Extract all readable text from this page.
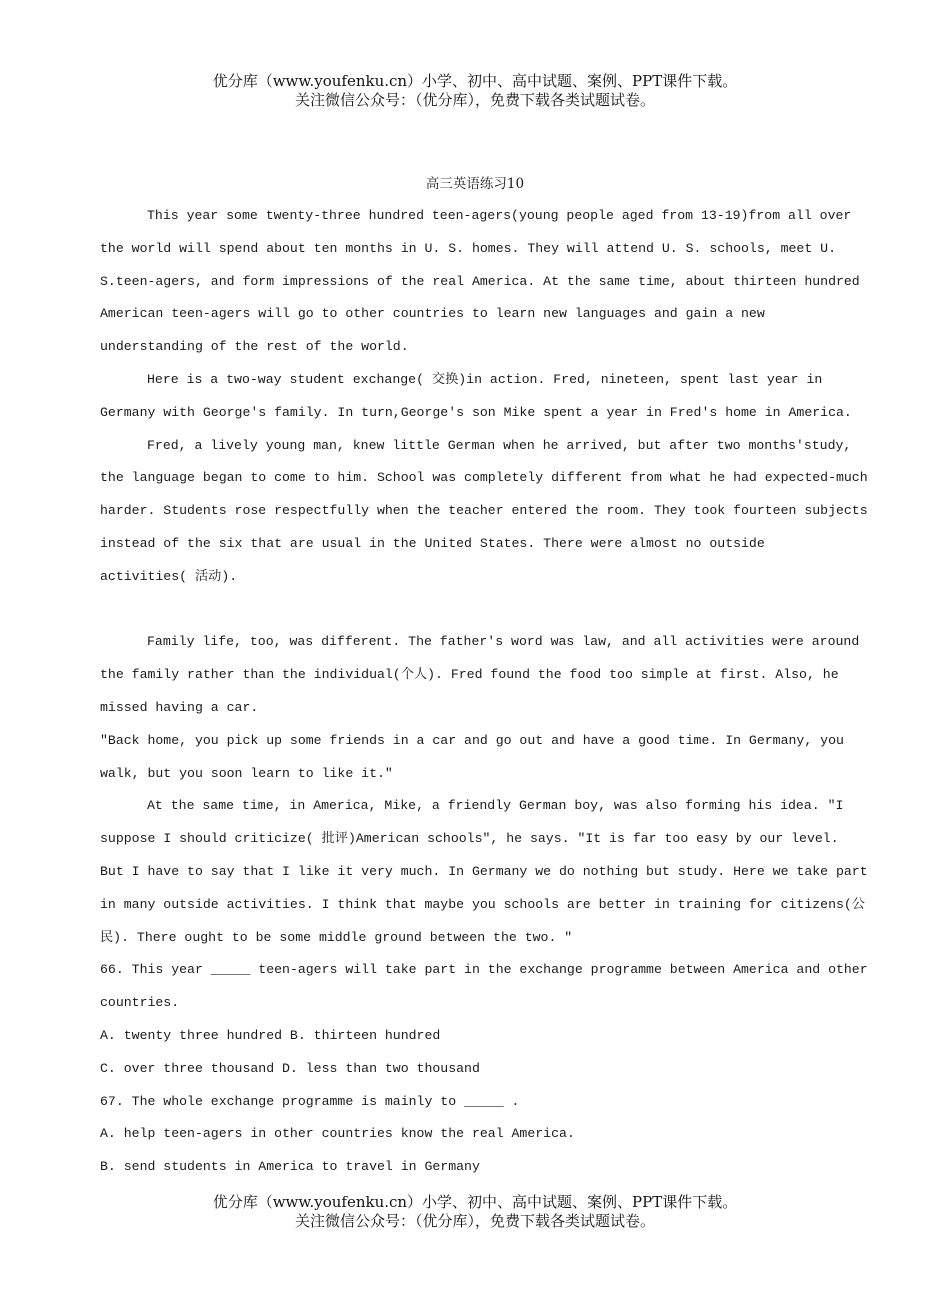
优分库（www.youfenku.cn）小学、初中、高中试题、案例、PPT课件下载。
关注微信公众号：（优分库），免费下载各类试题试卷。
高三英语练习10
This year some twenty-three hundred teen-agers(young people aged from 13-19)from all over
the world will spend about ten months in U. S. homes. They will attend U. S. schools, meet U.
S.teen-agers, and form impressions of the real America. At the same time, about thirteen hundred
American teen-agers will go to other countries to learn new languages and gain a new
understanding of the rest of the world.
Here is a two-way student exchange( 交换)in action. Fred, nineteen, spent last year in
Germany with George's family. In turn,George's son Mike spent a year in Fred's home in America.
Fred, a lively young man, knew little German when he arrived, but after two months'study,
the language began to come to him. School was completely different from what he had expected-much
harder. Students rose respectfully when the teacher entered the room. They took fourteen subjects
instead of the six that are usual in the United States. There were almost no outside
activities( 活动).
Family life, too, was different. The father's word was law, and all activities were around
the family rather than the individual(个人). Fred found the food too simple at first. Also, he
missed having a car.
"Back home, you pick up some friends in a car and go out and have a good time. In Germany, you
walk, but you soon learn to like it."
At the same time, in America, Mike, a friendly German boy, was also forming his idea. "I
suppose I should criticize( 批评)American schools", he says. "It is far too easy by our level.
But I have to say that I like it very much. In Germany we do nothing but study. Here we take part
in many outside activities. I think that maybe you schools are better in training for citizens(公
民). There ought to be some middle ground between the two. "
66. This year _____ teen-agers will take part in the exchange programme between America and other
countries.
A. twenty three hundred B. thirteen hundred
C. over three thousand D. less than two thousand
67. The whole exchange programme is mainly to _____ .
A. help teen-agers in other countries know the real America.
B. send students in America to travel in Germany
优分库（www.youfenku.cn）小学、初中、高中试题、案例、PPT课件下载。
关注微信公众号：（优分库），免费下载各类试题试卷。
